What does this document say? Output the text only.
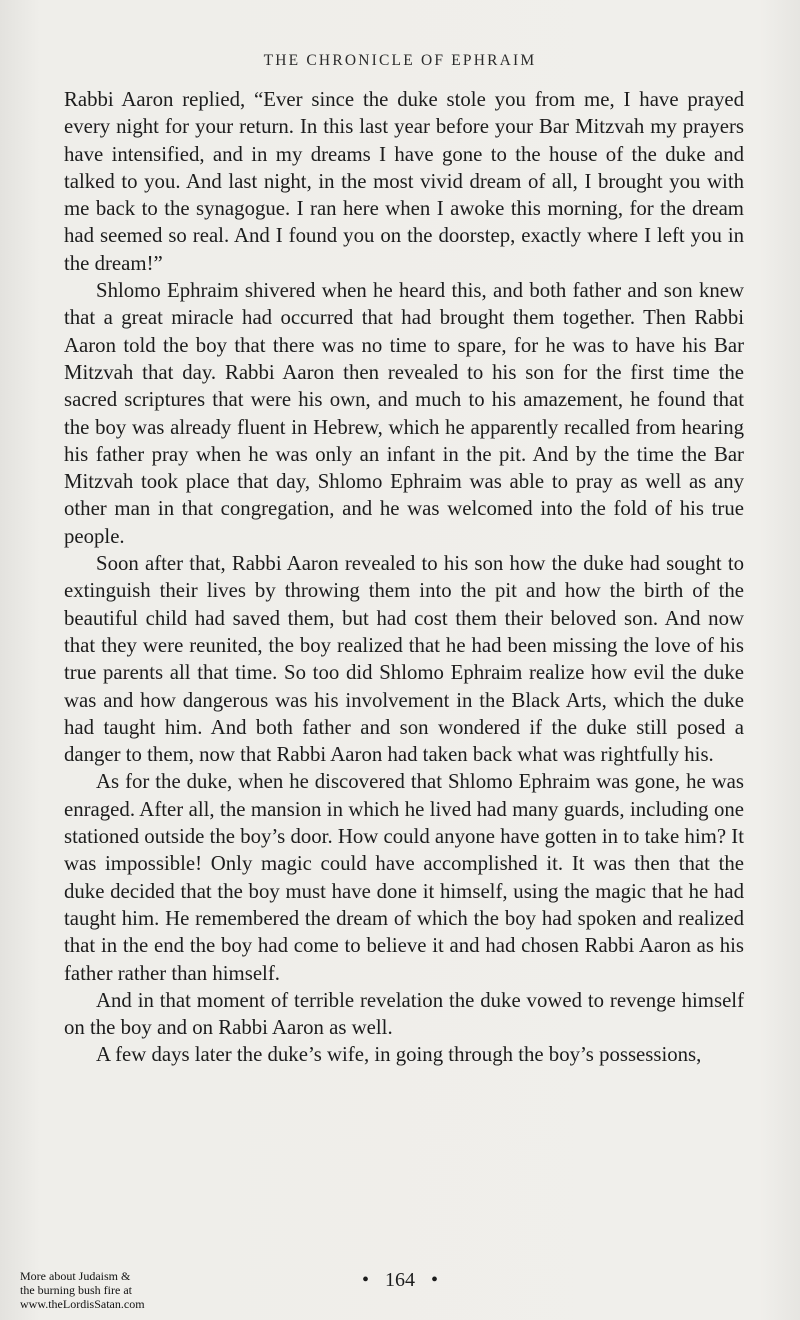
THE CHRONICLE OF EPHRAIM

Rabbi Aaron replied, “Ever since the duke stole you from me, I have prayed every night for your return. In this last year before your Bar Mitzvah my prayers have intensified, and in my dreams I have gone to the house of the duke and talked to you. And last night, in the most vivid dream of all, I brought you with me back to the synagogue. I ran here when I awoke this morning, for the dream had seemed so real. And I found you on the doorstep, exactly where I left you in the dream!”

Shlomo Ephraim shivered when he heard this, and both father and son knew that a great miracle had occurred that had brought them together. Then Rabbi Aaron told the boy that there was no time to spare, for he was to have his Bar Mitzvah that day. Rabbi Aaron then revealed to his son for the first time the sacred scriptures that were his own, and much to his amazement, he found that the boy was already fluent in Hebrew, which he apparently recalled from hearing his father pray when he was only an infant in the pit. And by the time the Bar Mitzvah took place that day, Shlomo Ephraim was able to pray as well as any other man in that congregation, and he was welcomed into the fold of his true people.

Soon after that, Rabbi Aaron revealed to his son how the duke had sought to extinguish their lives by throwing them into the pit and how the birth of the beautiful child had saved them, but had cost them their beloved son. And now that they were reunited, the boy realized that he had been missing the love of his true parents all that time. So too did Shlomo Ephraim realize how evil the duke was and how dangerous was his involvement in the Black Arts, which the duke had taught him. And both father and son wondered if the duke still posed a danger to them, now that Rabbi Aaron had taken back what was rightfully his.

As for the duke, when he discovered that Shlomo Ephraim was gone, he was enraged. After all, the mansion in which he lived had many guards, including one stationed outside the boy’s door. How could anyone have gotten in to take him? It was impossible! Only magic could have accomplished it. It was then that the duke decided that the boy must have done it himself, using the magic that he had taught him. He remembered the dream of which the boy had spoken and realized that in the end the boy had come to believe it and had chosen Rabbi Aaron as his father rather than himself.

And in that moment of terrible revelation the duke vowed to revenge himself on the boy and on Rabbi Aaron as well.

A few days later the duke’s wife, in going through the boy’s possessions,

• 164 •
More about Judaism &
the burning bush fire at
www.theLordisSatan.com
